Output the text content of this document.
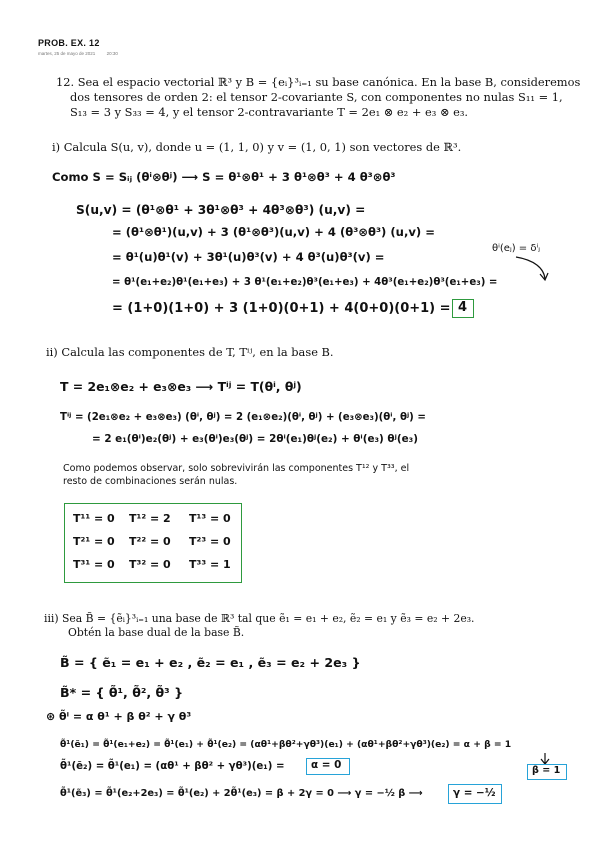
PROB. EX. 12
martes, 25 de mayo de 2021	20:30
12. Sea el espacio vectorial ℝ³ y B = {eᵢ}³ᵢ₌₁ su base canónica. En la base B, consideremos
dos tensores de orden 2: el tensor 2-covariante S, con componentes no nulas S₁₁ = 1,
S₁₃ = 3 y S₃₃ = 4, y el tensor 2-contravariante T = 2e₁ ⊗ e₂ + e₃ ⊗ e₃.
i) Calcula S(u, v), donde u = (1, 1, 0) y v = (1, 0, 1) son vectores de ℝ³.
Como S = Sᵢⱼ (θⁱ⊗θʲ) ⟶ S = θ¹⊗θ¹ + 3 θ¹⊗θ³ + 4 θ³⊗θ³
S(u,v) = (θ¹⊗θ¹ + 3θ¹⊗θ³ + 4θ³⊗θ³) (u,v) =
= (θ¹⊗θ¹)(u,v) + 3 (θ¹⊗θ³)(u,v) + 4 (θ³⊗θ³) (u,v) =
= θ¹(u)θ¹(v) + 3θ¹(u)θ³(v) + 4 θ³(u)θ³(v) =
θⁱ(eⱼ) = δⁱⱼ
= θ¹(e₁+e₂)θ¹(e₁+e₃) + 3 θ¹(e₁+e₂)θ³(e₁+e₃) + 4θ³(e₁+e₂)θ³(e₁+e₃) =
= (1+0)(1+0) + 3 (1+0)(0+1) + 4(0+0)(0+1) = 4
ii) Calcula las componentes de T, Tⁱʲ, en la base B.
T = 2e₁⊗e₂ + e₃⊗e₃ ⟶ Tⁱʲ = T(θⁱ, θʲ)
Tⁱʲ = (2e₁⊗e₂ + e₃⊗e₃) (θⁱ, θʲ) = 2 (e₁⊗e₂)(θⁱ, θʲ) + (e₃⊗e₃)(θⁱ, θʲ) =
= 2 e₁(θⁱ)e₂(θʲ) + e₃(θⁱ)e₃(θʲ) = 2θⁱ(e₁)θʲ(e₂) + θⁱ(e₃) θʲ(e₃)
Como podemos observar, solo sobrevivirán las componentes T¹² y T³³, el
resto de combinaciones serán nulas.
T¹¹ = 0 T¹² = 2 T¹³ = 0
T²¹ = 0 T²² = 0 T²³ = 0
T³¹ = 0 T³² = 0 T³³ = 1
iii) Sea B̃ = {ẽᵢ}³ᵢ₌₁ una base de ℝ³ tal que ẽ₁ = e₁ + e₂, ẽ₂ = e₁ y ẽ₃ = e₂ + 2e₃.
Obtén la base dual de la base B̃.
B̃ = { ẽ₁ = e₁ + e₂ , ẽ₂ = e₁ , ẽ₃ = e₂ + 2e₃ }
B̃* = { θ̃¹, θ̃², θ̃³ }
⊛ θ̃ⁱ = α θ¹ + β θ² + γ θ³
θ̃¹(ẽ₁) = θ̃¹(e₁+e₂) = θ̃¹(e₁) + θ̃¹(e₂) = (αθ¹+βθ²+γθ³)(e₁) + (αθ¹+βθ²+γθ³)(e₂) = α + β = 1
θ̃¹(ẽ₂) = θ̃¹(e₁) = (αθ¹ + βθ² + γθ³)(e₁) =	α = 0	β = 1
θ̃¹(ẽ₃) = θ̃¹(e₂+2e₃) = θ̃¹(e₂) + 2θ̃¹(e₃) = β + 2γ = 0 ⟶ γ = −½ β ⟶	γ = −½
